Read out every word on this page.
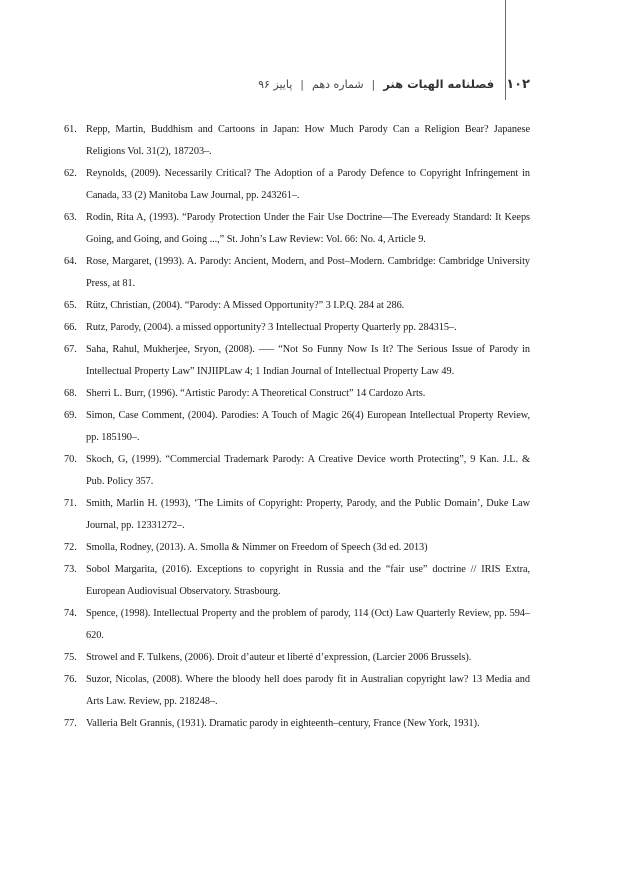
۱۰۲
فصلنامه الهیات هنر
|
شماره دهم
|
پاییز ۹۶

61. Repp, Martin, Buddhism and Cartoons in Japan: How Much Parody Can a Religion Bear? Japanese Religions Vol. 31(2), 187203–.

62. Reynolds, (2009). Necessarily Critical? The Adoption of a Parody Defence to Copyright Infringement in Canada, 33 (2) Manitoba Law Journal, pp. 243261–.

63. Rodin, Rita A, (1993). “Parody Protection Under the Fair Use Doctrine––The Eveready Standard: It Keeps Going, and Going, and Going ...,” St. John’s Law Review: Vol. 66: No. 4, Article 9.

64. Rose, Margaret, (1993). A. Parody: Ancient, Modern, and Post–Modern. Cambridge: Cambridge University Press, at 81.

65. Rütz, Christian, (2004). “Parody: A Missed Opportunity?” 3 I.P.Q. 284 at 286.

66. Rutz, Parody, (2004). a missed opportunity? 3 Intellectual Property Quarterly pp. 284315–.

67. Saha, Rahul, Mukherjee, Sryon, (2008). ––– “Not So Funny Now Is It? The Serious Issue of Parody in Intellectual Property Law” INJIIPLaw 4; 1 Indian Journal of Intellectual Property Law 49.

68. Sherri L. Burr, (1996). “Artistic Parody: A Theoretical Construct” 14 Cardozo Arts.

69. Simon, Case Comment, (2004). Parodies: A Touch of Magic 26(4) European Intellectual Property Review, pp. 185190–.

70. Skoch, G, (1999). “Commercial Trademark Parody: A Creative Device worth Protecting”, 9 Kan. J.L. & Pub. Policy 357.

71. Smith, Marlin H. (1993), ‘The Limits of Copyright: Property, Parody, and the Public Domain’, Duke Law Journal, pp. 12331272–.

72. Smolla, Rodney, (2013). A. Smolla & Nimmer on Freedom of Speech (3d ed. 2013)

73. Sobol Margarita, (2016). Exceptions to copyright in Russia and the “fair use” doctrine // IRIS Extra, European Audiovisual Observatory. Strasbourg.

74. Spence, (1998). Intellectual Property and the problem of parody, 114 (Oct) Law Quarterly Review, pp. 594– 620.

75. Strowel and F. Tulkens, (2006). Droit d’auteur et liberté d’expression, (Larcier 2006 Brussels).

76. Suzor, Nicolas, (2008). Where the bloody hell does parody fit in Australian copyright law? 13 Media and Arts Law. Review, pp. 218248–.

77. Valleria Belt Grannis, (1931). Dramatic parody in eighteenth–century, France (New York, 1931).
